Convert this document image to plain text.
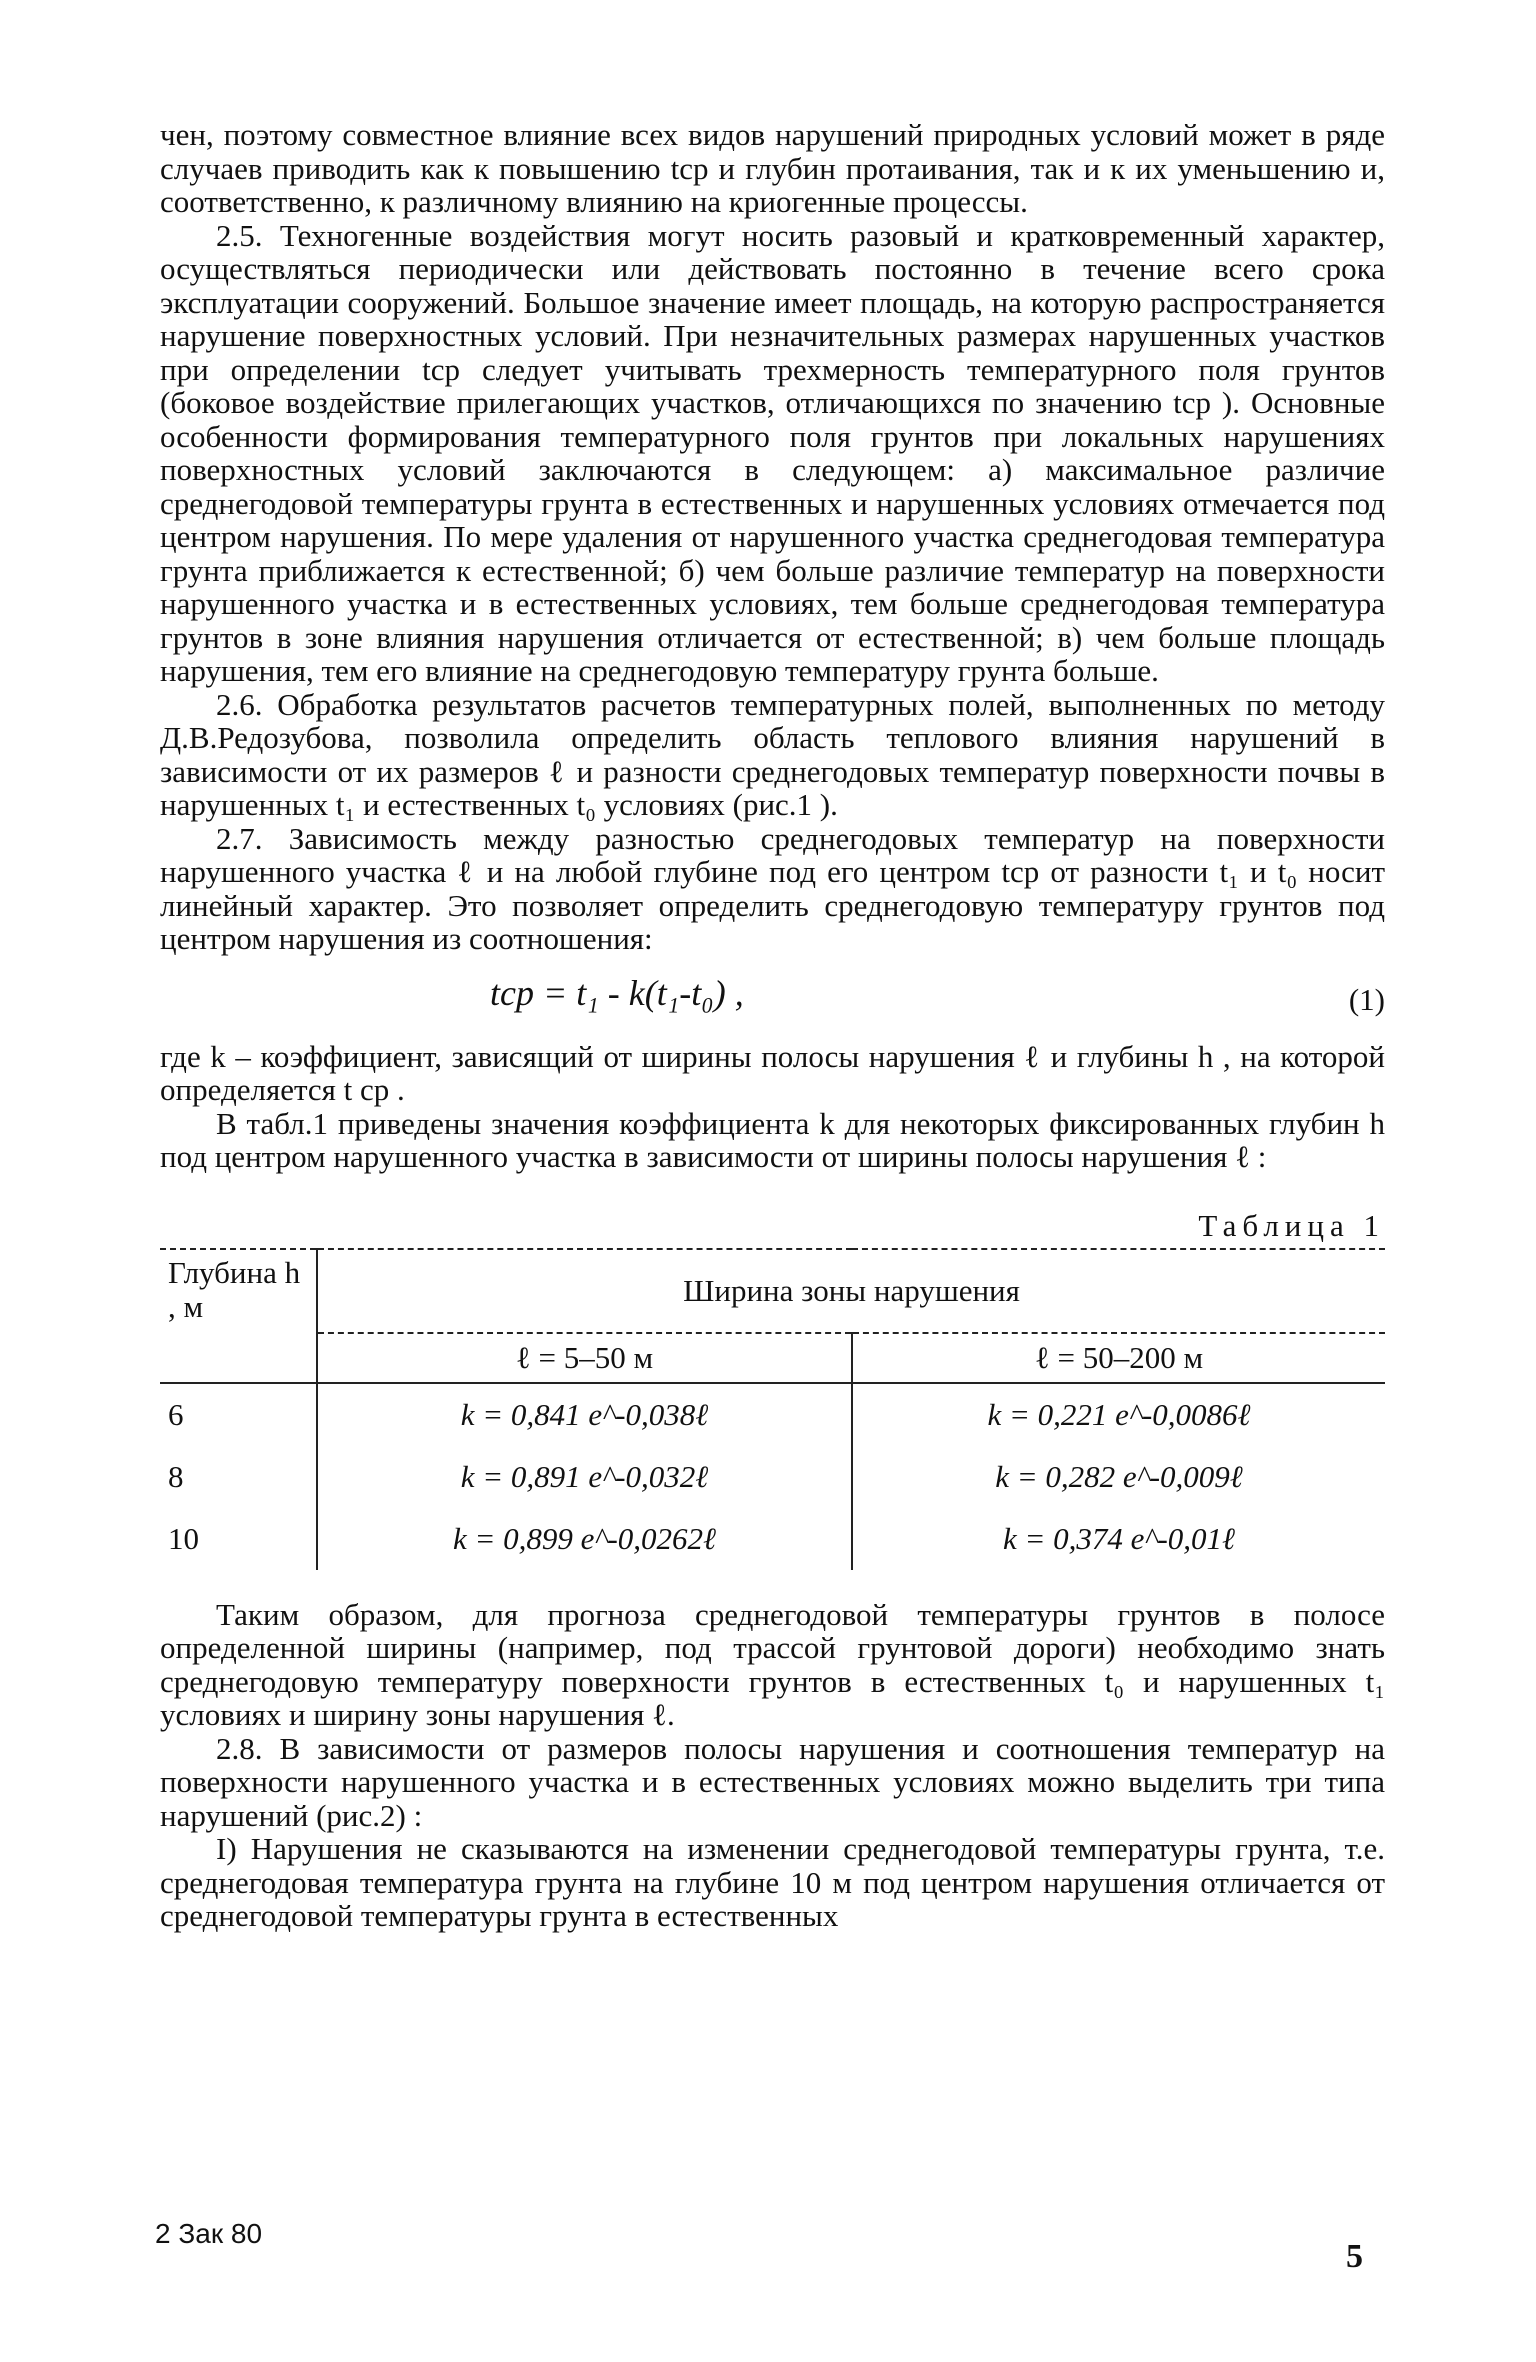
чен, поэтому совместное влияние всех видов нарушений природных условий может в ряде случаев приводить как к повышению tср и глубин протаивания, так и к их уменьшению и, соответственно, к различному влиянию на криогенные процессы.

2.5. Техногенные воздействия могут носить разовый и кратковременный характер, осуществляться периодически или действовать постоянно в течение всего срока эксплуатации сооружений. Большое значение имеет площадь, на которую распространяется нарушение поверхностных условий. При незначительных размерах нарушенных участков при определении tср следует учитывать трехмерность температурного поля грунтов (боковое воздействие прилегающих участков, отличающихся по значению tср ). Основные особенности формирования температурного поля грунтов при локальных нарушениях поверхностных условий заключаются в следующем: а) максимальное различие среднегодовой температуры грунта в естественных и нарушенных условиях отмечается под центром нарушения. По мере удаления от нарушенного участка среднегодовая температура грунта приближается к естественной; б) чем больше различие температур на поверхности нарушенного участка и в естественных условиях, тем больше среднегодовая температура грунтов в зоне влияния нарушения отличается от естественной; в) чем больше площадь нарушения, тем его влияние на среднегодовую температуру грунта больше.

2.6. Обработка результатов расчетов температурных полей, выполненных по методу Д.В.Редозубова, позволила определить область теплового влияния нарушений в зависимости от их размеров ℓ и разности среднегодовых температур поверхности почвы в нарушенных t₁ и естественных t₀ условиях (рис.1 ).

2.7. Зависимость между разностью среднегодовых температур на поверхности нарушенного участка ℓ и на любой глубине под его центром tср от разности t₁ и t₀ носит линейный характер. Это позволяет определить среднегодовую температуру грунтов под центром нарушения из соотношения:

tср = t₁ - k(t₁-t₀) ,	(1)

где k – коэффициент, зависящий от ширины полосы нарушения ℓ и глубины h , на которой определяется t ср .

В табл.1 приведены значения коэффициента k для некоторых фиксированных глубин h под центром нарушенного участка в зависимости от ширины полосы нарушения ℓ :

Таблица 1
Глубина h , м	Ширина зоны нарушения	
	ℓ = 5–50 м	ℓ = 50–200 м
6	k = 0,841 e^-0,038ℓ	k = 0,221 e^-0,0086ℓ
8	k = 0,891 e^-0,032ℓ	k = 0,282 e^-0,009ℓ
10	k = 0,899 e^-0,0262ℓ	k = 0,374 e^-0,01ℓ

Таким образом, для прогноза среднегодовой температуры грунтов в полосе определенной ширины (например, под трассой грунтовой дороги) необходимо знать среднегодовую температуру поверхности грунтов в естественных t₀ и нарушенных t₁ условиях и ширину зоны нарушения ℓ.

2.8. В зависимости от размеров полосы нарушения и соотношения температур на поверхности нарушенного участка и в естественных условиях можно выделить три типа нарушений (рис.2) :

I) Нарушения не сказываются на изменении среднегодовой температуры грунта, т.е. среднегодовая температура грунта на глубине 10 м под центром нарушения отличается от среднегодовой температуры грунта в естественных

2 Зак 80
5
